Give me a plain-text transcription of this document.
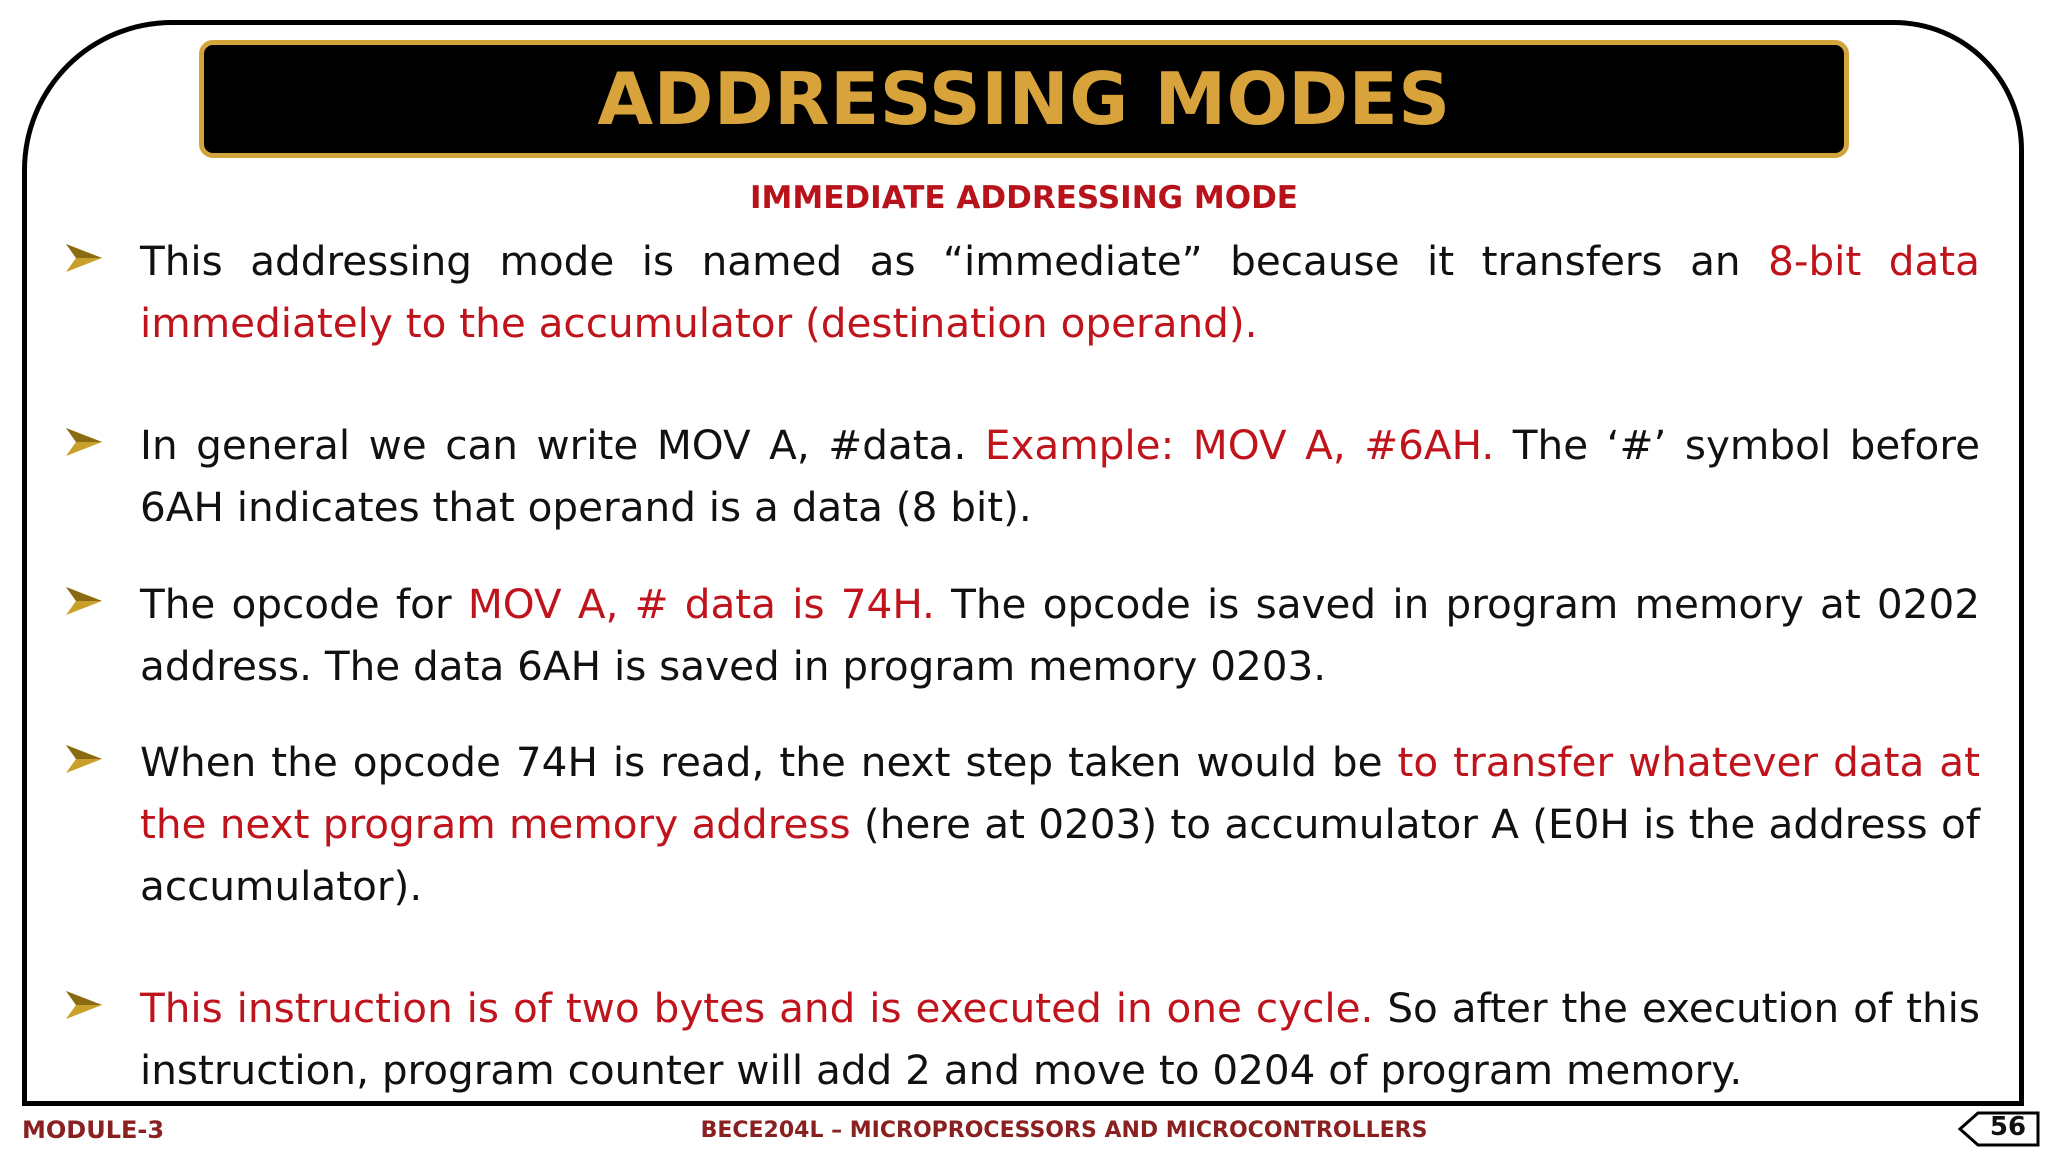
ADDRESSING MODES
IMMEDIATE ADDRESSING MODE
This addressing mode is named as “immediate” because it transfers an 8-bit data immediately to the accumulator (destination operand).
In general we can write MOV A, #data. Example: MOV A, #6AH. The ‘#’ symbol before 6AH indicates that operand is a data (8 bit).
The opcode for MOV A, # data is 74H. The opcode is saved in program memory at 0202 address. The data 6AH is saved in program memory 0203.
When the opcode 74H is read, the next step taken would be to transfer whatever data at the next program memory address (here at 0203) to accumulator A (E0H is the address of accumulator).
This instruction is of two bytes and is executed in one cycle. So after the execution of this instruction, program counter will add 2 and move to 0204 of program memory.
MODULE-3	BECE204L – MICROPROCESSORS AND MICROCONTROLLERS	56
